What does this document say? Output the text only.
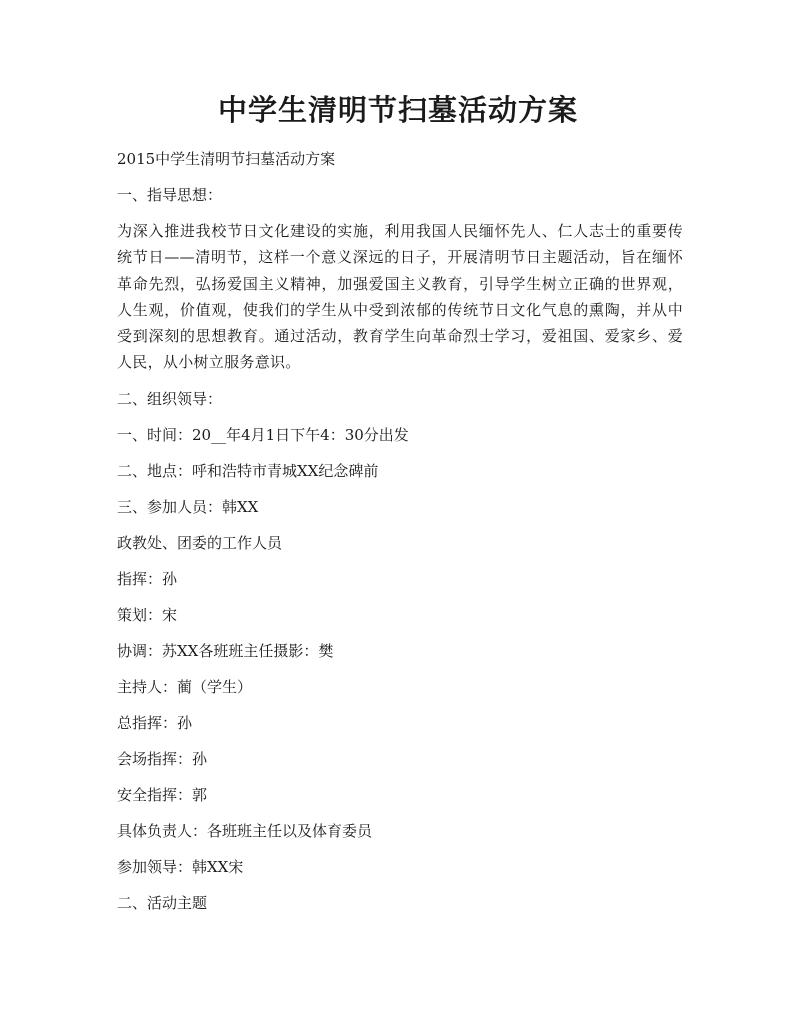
中学生清明节扫墓活动方案

2015中学生清明节扫墓活动方案

一、指导思想：

为深入推进我校节日文化建设的实施，利用我国人民缅怀先人、仁人志士的重要传统节日——清明节，这样一个意义深远的日子，开展清明节日主题活动，旨在缅怀革命先烈，弘扬爱国主义精神，加强爱国主义教育，引导学生树立正确的世界观，人生观，价值观，使我们的学生从中受到浓郁的传统节日文化气息的熏陶，并从中受到深刻的思想教育。通过活动，教育学生向革命烈士学习，爱祖国、爱家乡、爱人民，从小树立服务意识。

二、组织领导：

一、时间：20__年4月1日下午4：30分出发

二、地点：呼和浩特市青城XX纪念碑前

三、参加人员：韩XX

政教处、团委的工作人员

指挥：孙

策划：宋

协调：苏XX各班班主任摄影：樊

主持人：蔺（学生）

总指挥：孙

会场指挥：孙

安全指挥：郭

具体负责人：各班班主任以及体育委员

参加领导：韩XX宋

二、活动主题
